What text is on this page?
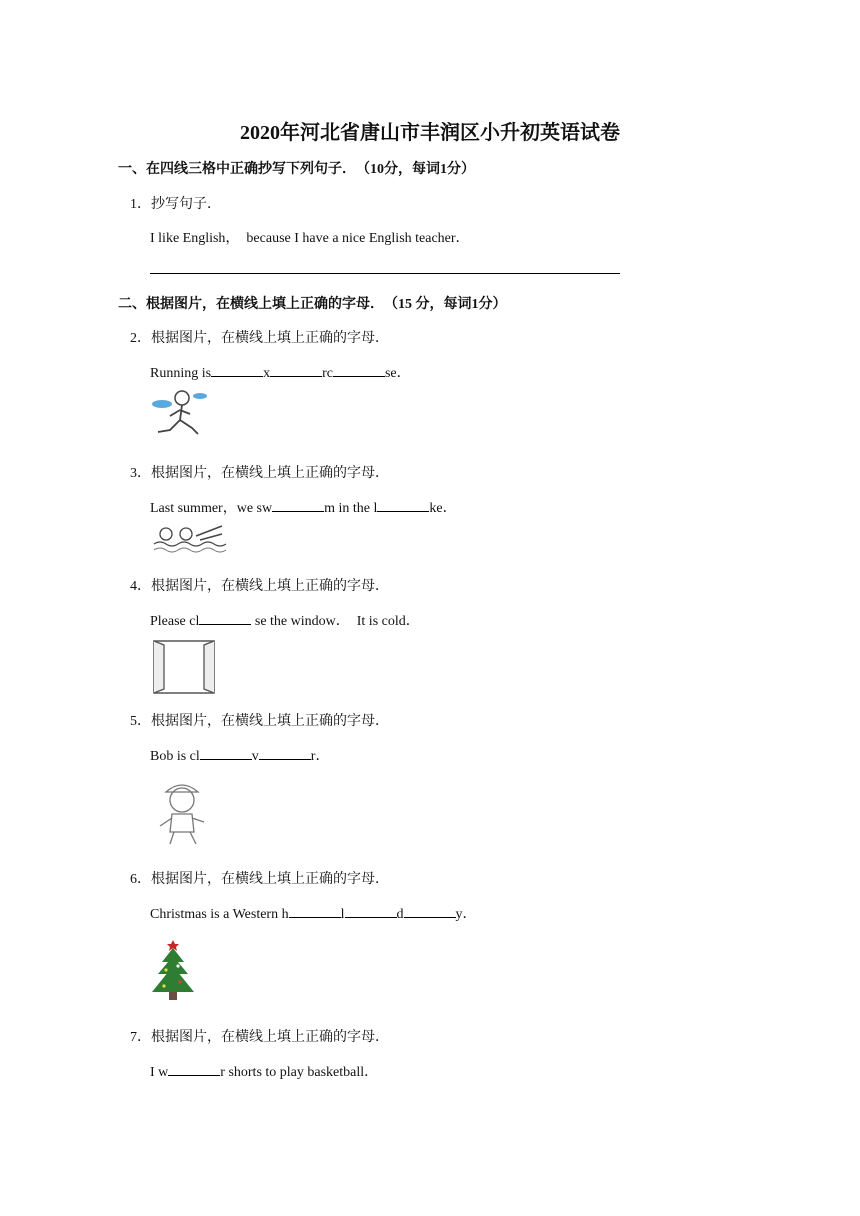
2020年河北省唐山市丰润区小升初英语试卷
一、在四线三格中正确抄写下列句子．　（10分，每词1分）
1．抄写句子．
I like English，　because I have a nice English teacher．
二、根据图片，在横线上填上正确的字母．　（15 分，每词1分）
2．根据图片，在横线上填上正确的字母．
Running is	x	rc	se．
3．根据图片，在横线上填上正确的字母．
Last summer，we sw	m in the l	ke．
4．根据图片，在横线上填上正确的字母．
Please cl	se the window．　It is cold．
5．根据图片，在横线上填上正确的字母．
Bob is cl	v	r．
6．根据图片，在横线上填上正确的字母．
Christmas is a Western h	l	d	y．
7．根据图片，在横线上填上正确的字母．
I w	r shorts to play basketball．
